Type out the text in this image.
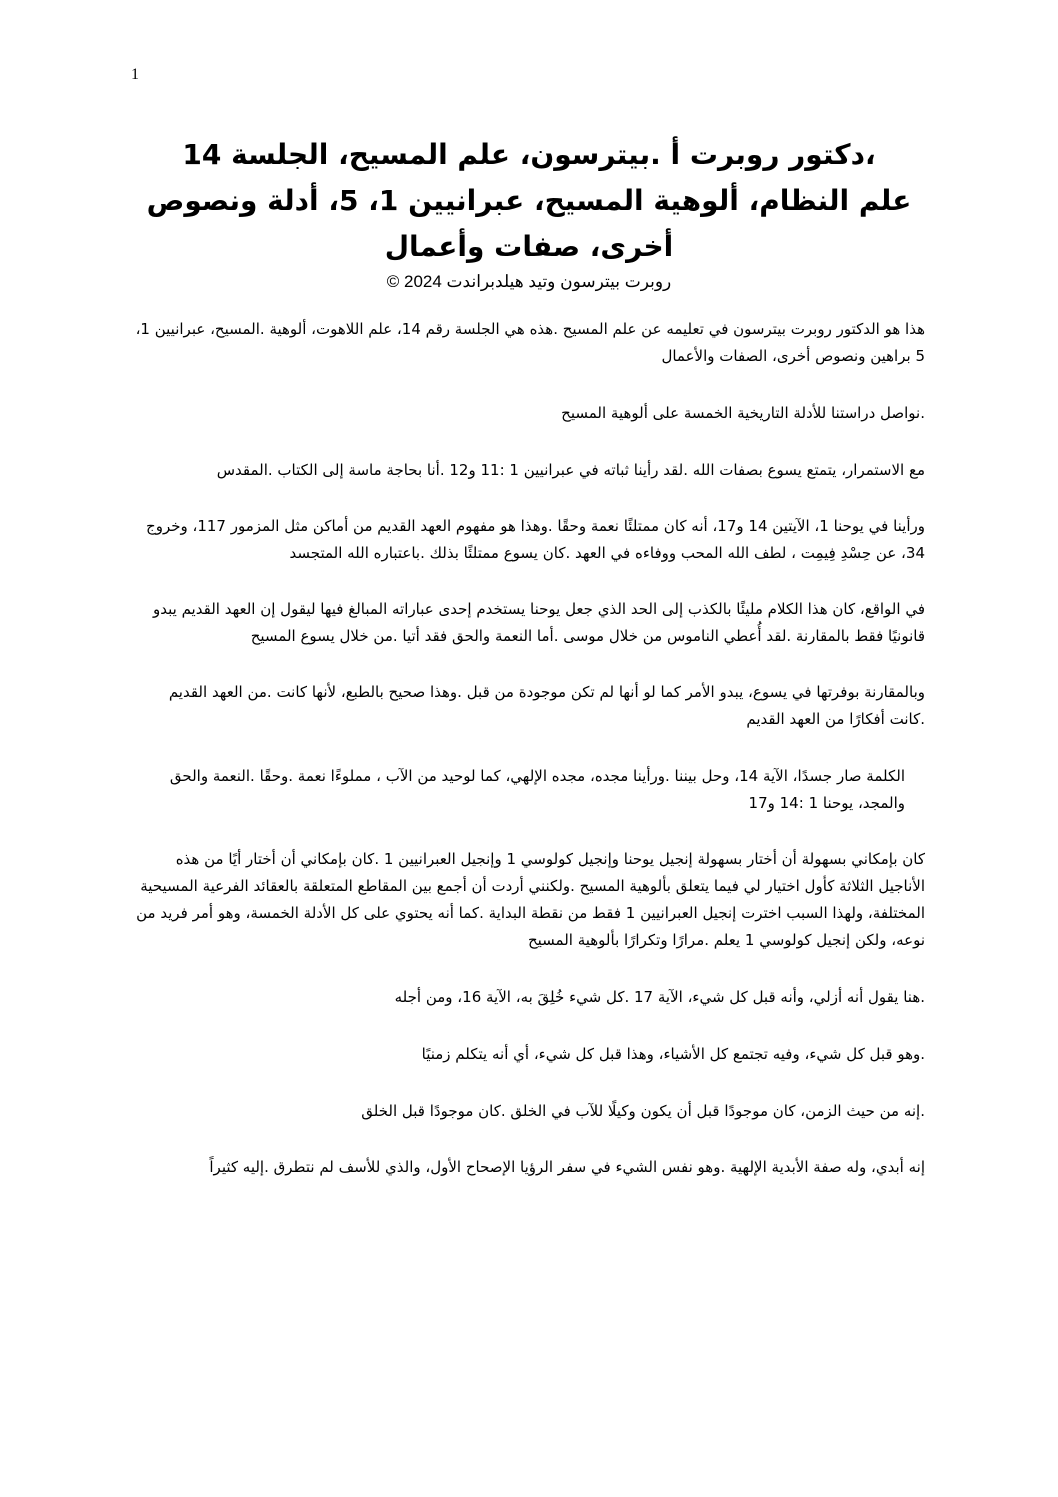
1

،دكتور روبرت أ .بيترسون، علم المسيح، الجلسة 14

علم النظام، ألوهية المسيح، عبرانيين 1، 5، أدلة ونصوص

أخرى، صفات وأعمال

روبرت بيترسون وتيد هيلدبراندت 2024 ©

هذا هو الدكتور روبرت بيترسون في تعليمه عن علم المسيح .هذه هي الجلسة رقم 14، علم اللاهوت، ألوهية .المسيح، عبرانيين 1، 5 براهين ونصوص أخرى، الصفات والأعمال

.نواصل دراستنا للأدلة التاريخية الخمسة على ألوهية المسيح

مع الاستمرار، يتمتع يسوع بصفات الله .لقد رأينا ثباته في عبرانيين 1 :11 و12 .أنا بحاجة ماسة إلى الكتاب .المقدس

ورأينا في يوحنا 1، الآيتين 14 و17، أنه كان ممتلئًا نعمة وحقًا .وهذا هو مفهوم العهد القديم من أماكن مثل المزمور 117، وخروج 34، عن حِسْدِ فِيمِت ، لطف الله المحب ووفاءه في العهد .كان يسوع ممتلئًا بذلك .باعتباره الله المتجسد

في الواقع، كان هذا الكلام مليئًا بالكذب إلى الحد الذي جعل يوحنا يستخدم إحدى عباراته المبالغ فيها ليقول إن العهد القديم يبدو قانونيًا فقط بالمقارنة .لقد أُعطي الناموس من خلال موسى .أما النعمة والحق فقد أتيا .من خلال يسوع المسيح

وبالمقارنة بوفرتها في يسوع، يبدو الأمر كما لو أنها لم تكن موجودة من قبل .وهذا صحيح بالطبع، لأنها كانت .من العهد القديم .كانت أفكارًا من العهد القديم

الكلمة صار جسدًا، الآية 14، وحل بيننا .ورأينا مجده، مجده الإلهي، كما لوحيد من الآب ، مملوءًا نعمة .وحقًا .النعمة والحق والمجد، يوحنا 1 :14 و17

كان بإمكاني بسهولة أن أختار بسهولة إنجيل يوحنا وإنجيل كولوسي 1 وإنجيل العبرانيين 1 .كان بإمكاني أن أختار أيًا من هذه الأناجيل الثلاثة كأول اختيار لي فيما يتعلق بألوهية المسيح .ولكنني أردت أن أجمع بين المقاطع المتعلقة بالعقائد الفرعية المسيحية المختلفة، ولهذا السبب اخترت إنجيل العبرانيين 1 فقط من نقطة البداية .كما أنه يحتوي على كل الأدلة الخمسة، وهو أمر فريد من نوعه، ولكن إنجيل كولوسي 1 يعلم .مرارًا وتكرارًا بألوهية المسيح

.هنا يقول أنه أزلي، وأنه قبل كل شيء، الآية 17 .كل شيء خُلِقَ به، الآية 16، ومن أجله

.وهو قبل كل شيء، وفيه تجتمع كل الأشياء، وهذا قبل كل شيء، أي أنه يتكلم زمنيًا

.إنه من حيث الزمن، كان موجودًا قبل أن يكون وكيلًا للآب في الخلق .كان موجودًا قبل الخلق

إنه أبدي، وله صفة الأبدية الإلهية .وهو نفس الشيء في سفر الرؤيا الإصحاح الأول، والذي للأسف لم نتطرق .إليه كثيراً
